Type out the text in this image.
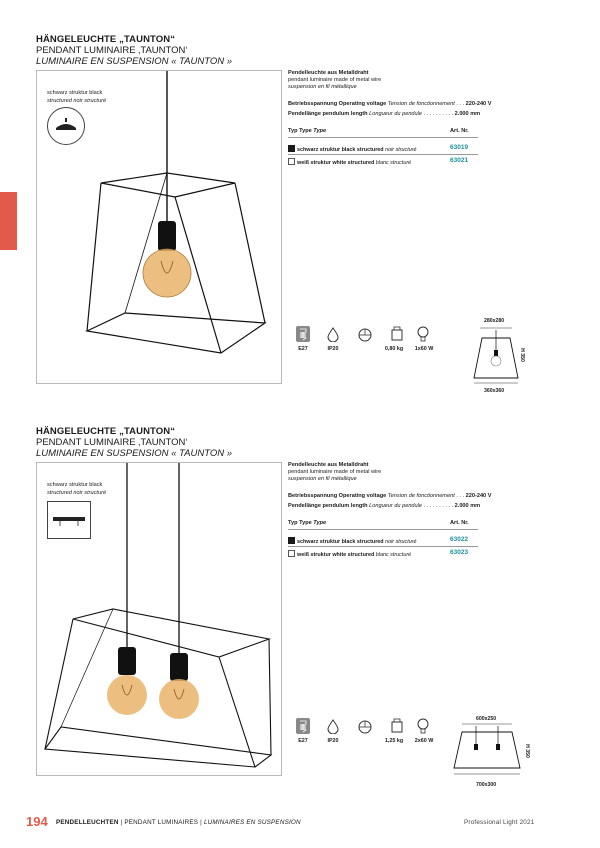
HÄNGELEUCHTE „TAUNTON“
PENDANT LUMINAIRE ‚TAUNTON‘
LUMINAIRE EN SUSPENSION « TAUNTON »
schwarz struktur black
structured noir structuré
Pendelleuchte aus Metalldraht
pendant luminaire made of metal wire
suspension en fil métallique
Betriebsspannung Operating voltage Tension de fonctionnement . . . 220-240 V
Pendellänge pendulum length Longueur du pendule . . . . . . . . . . 2.000 mm
Typ Type Type	Art. Nr.
schwarz struktur black structured noir structuré	63019
weiß struktur white structured blanc structuré	63021
E27	IP20	0,80 kg	1x60 W
280x280
H 350
360x360
HÄNGELEUCHTE „TAUNTON“
PENDANT LUMINAIRE ‚TAUNTON‘
LUMINAIRE EN SUSPENSION « TAUNTON »
schwarz struktur black
structured noir structuré
Pendelleuchte aus Metalldraht
pendant luminaire made of metal wire
suspension en fil métallique
Betriebsspannung Operating voltage Tension de fonctionnement . . . 220-240 V
Pendellänge pendulum length Longueur du pendule . . . . . . . . . . 2.000 mm
Typ Type Type	Art. Nr.
schwarz struktur black structured noir structuré	63022
weiß struktur white structured blanc structuré	63023
E27	IP20	1,25 kg	2x60 W
600x250
H 350
700x300
194 PENDELLEUCHTEN | PENDANT LUMINAIRES | LUMINAIRES EN SUSPENSION	Professional Light 2021
